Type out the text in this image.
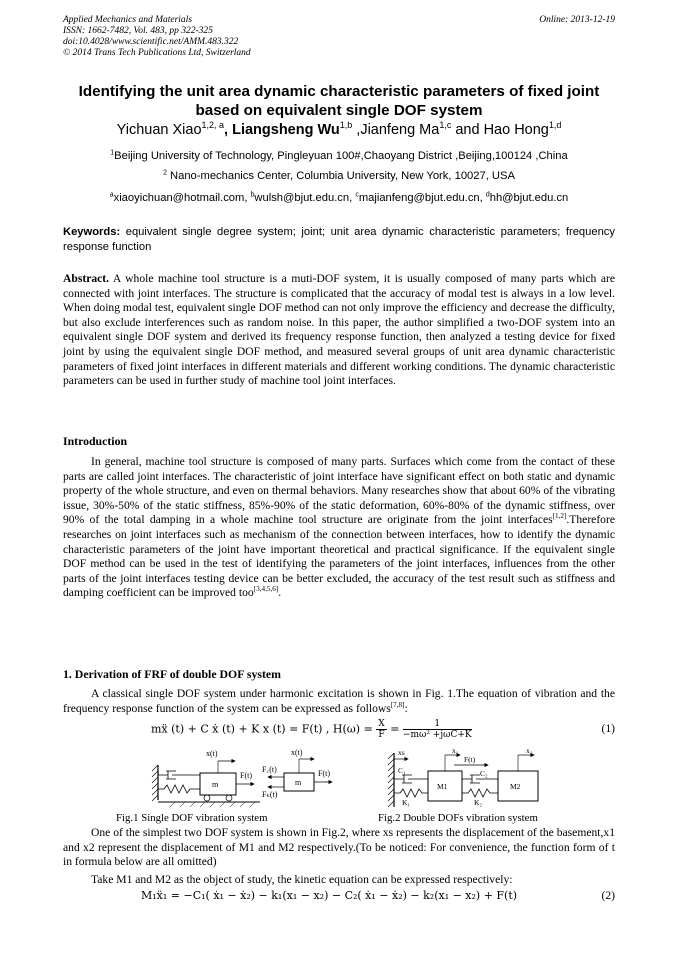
Applied Mechanics and Materials
ISSN: 1662-7482, Vol. 483, pp 322-325
doi:10.4028/www.scientific.net/AMM.483.322
© 2014 Trans Tech Publications Ltd, Switzerland
Online: 2013-12-19
Identifying the unit area dynamic characteristic parameters of fixed joint based on equivalent single DOF system
Yichuan Xiao$^{1,2, a}$, Liangsheng Wu$^{1,b}$ ,Jianfeng Ma$^{1,c}$ and Hao Hong$^{1,d}$
$^1$Beijing University of Technology, Pingleyuan 100#,Chaoyang District ,Beijing,100124 ,China
$^2$ Nano-mechanics Center, Columbia University, New York, 10027, USA
$^a$xiaoyichuan@hotmail.com, $^b$wulsh@bjut.edu.cn, $^c$majianfeng@bjut.edu.cn, $^d$hh@bjut.edu.cn
Keywords: equivalent single degree system; joint; unit area dynamic characteristic parameters; frequency response function
Abstract. A whole machine tool structure is a muti-DOF system, it is usually composed of many parts which are connected with joint interfaces. The structure is complicated that the accuracy of modal test is always in a low level. When doing modal test, equivalent single DOF method can not only improve the efficiency and decrease the difficulty, but also exclude interferences such as random noise. In this paper, the author simplified a two-DOF system into an equivalent single DOF system and derived its frequency response function, then analyzed a testing device for fixed joint by using the equivalent single DOF method, and measured several groups of unit area dynamic characteristic parameters of fixed joint interfaces in different materials and different working conditions. The dynamic characteristic parameters can be used in further study of machine tool joint interfaces.
Introduction
In general, machine tool structure is composed of many parts. Surfaces which come from the contact of these parts are called joint interfaces. The characteristic of joint interface have significant effect on both static and dynamic property of the whole structure, and even on thermal behaviors. Many researches show that about 60% of the vibrating issue, 30%-50% of the static stiffness, 85%-90% of the static deformation, 60%-80% of the dynamic stiffness, over 90% of the total damping in a whole machine tool structure are originate from the joint interfaces[1,2].Therefore researches on joint interfaces such as mechanism of the connection between interfaces, how to identify the dynamic characteristic parameters of the joint have important theoretical and practical significance. If the equivalent single DOF method can be used in the test of identifying the parameters of the joint interfaces, influences from the other parts of the joint interfaces testing device can be better excluded, the accuracy of the test result such as stiffness and damping coefficient can be improved too[3,4,5,6].
1. Derivation of FRF of double DOF system
A classical single DOF system under harmonic excitation is shown in Fig. 1.The equation of vibration and the frequency response function of the system can be expressed as follows[7,8]:
mẍ (t) + C ẋ (t) + K x (t) = F(t) , $H(\omega) = \frac{X}{F} = \frac{1}{\text{−mω² +jωC+K}}$	(1)
m
x(t)
F(t)
m
x(t)
F(t)
F꜀(t)
Fₖ(t)
xs
C₁
K₁
M1
x₁
F(t)
C₂
K₂
M2
x₂
Fig.1 Single DOF vibration system	Fig.2 Double DOFs vibration system
One of the simplest two DOF system is shown in Fig.2, where xs represents the displacement of the basement,x1 and x2 represent the displacement of M1 and M2 respectively.(To be noticed: For convenience, the function form of t in formula below are all omitted)
Take M1 and M2 as the object of study, the kinetic equation can be expressed respectively:
M₁ẍ₁ = −C₁( ẋ₁ − ẋ₂) − k₁(x₁ − x₂) − C₂( ẋ₁ − ẋ₂) − k₂(x₁ − x₂) + F(t)	(2)
